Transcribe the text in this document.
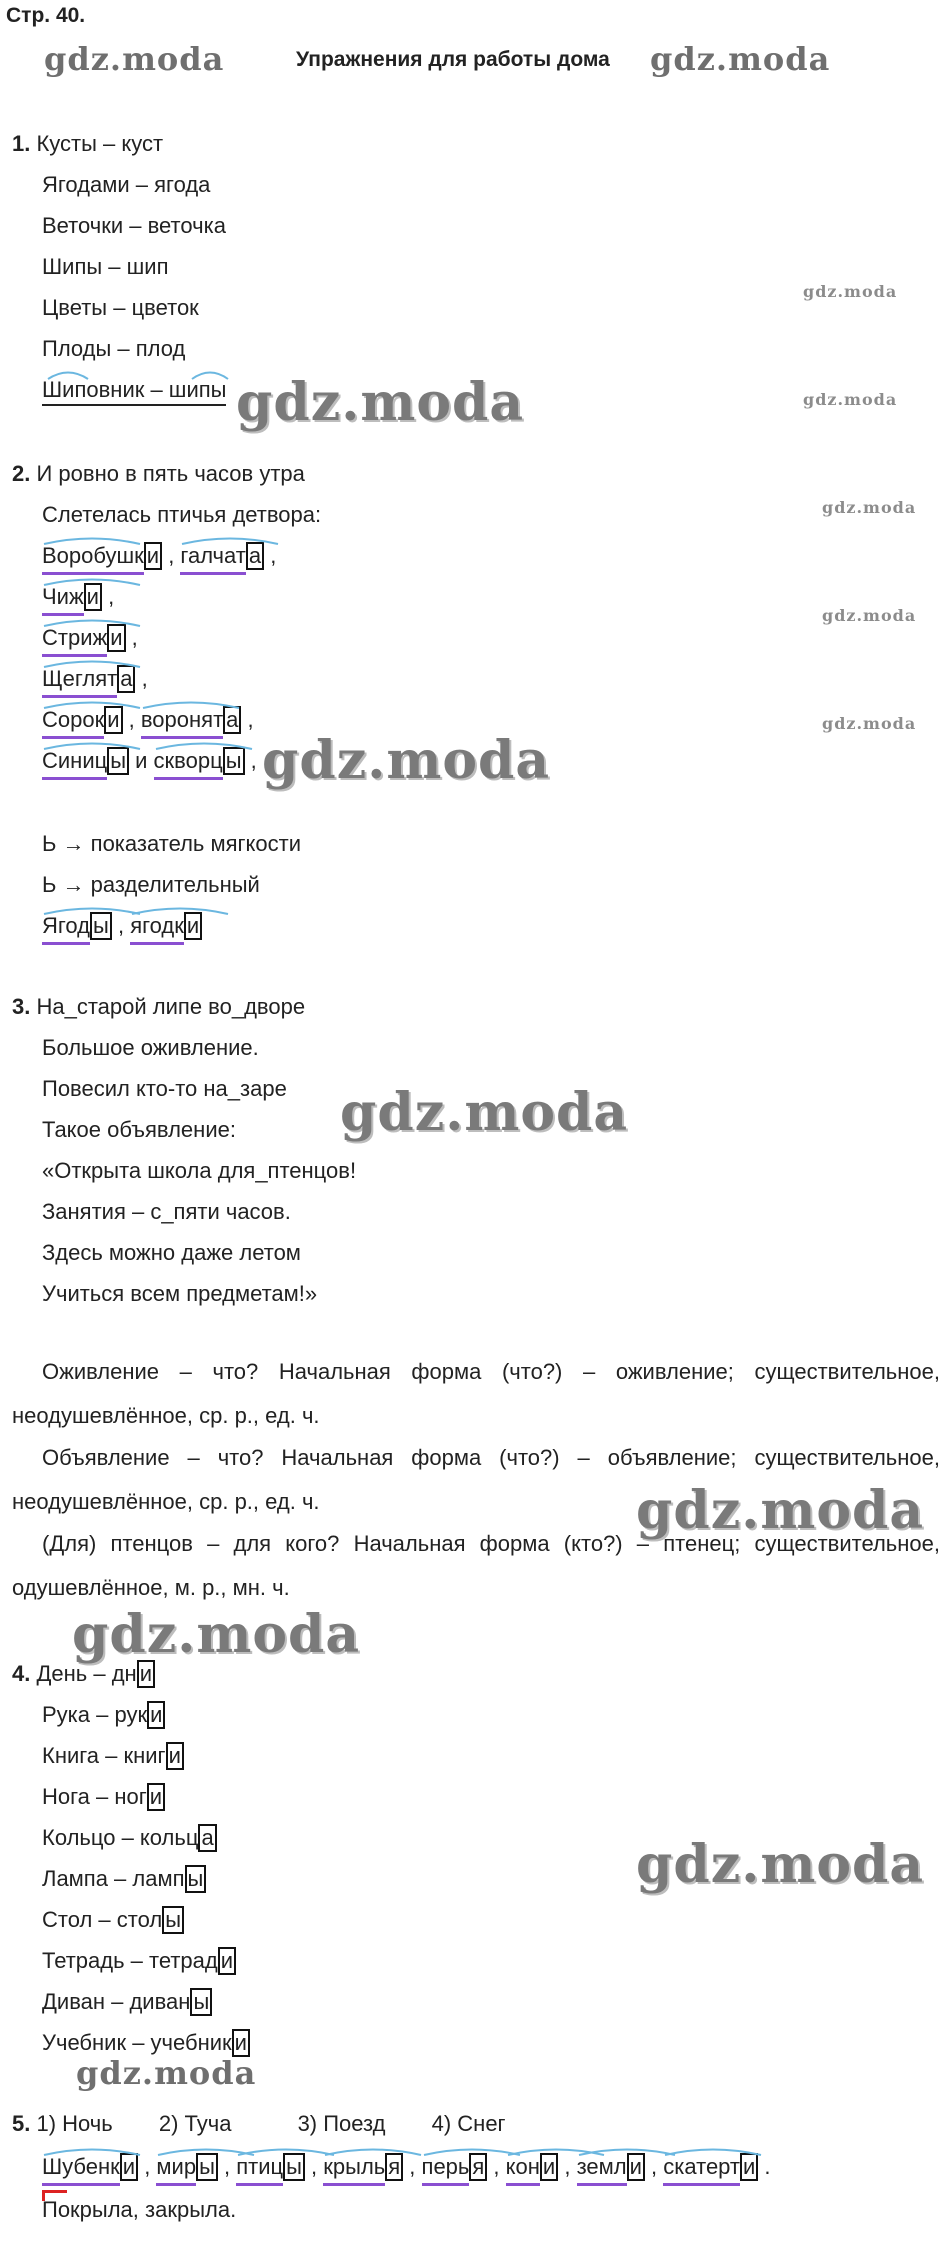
Стр. 40.
Упражнения для работы дома
gdz.moda	gdz.moda
gdz.moda
gdz.moda
gdz.moda
gdz.moda
gdz.moda
gdz.moda
gdz.moda
gdz.moda
gdz.moda
gdz.moda
gdz.moda
gdz.moda
1. Кусты – куст
Ягодами – ягода
Веточки – веточка
Шипы – шип
Цветы – цветок
Плоды – плод
Шиповник – шипы
2. И ровно в пять часов утра
Слетелась птичья детвора:
Воробушк и ,
галчат а ,
Чиж и ,
Стриж и ,
Щеглят а ,
Сорок и ,
воронят а ,
Синиц ы и
скворц ы ,
Ь → показатель мягкости
Ь → разделительный
Ягод ы ,
ягодк и
3. На_старой липе во_дворе
Большое оживление.
Повесил кто-то на_заре
Такое объявление:
«Открыта школа для_птенцов!
Занятия – с_пяти часов.
Здесь можно даже летом
Учиться всем предметам!»
Оживление – что? Начальная форма (что?) – оживление; существительное, неодушевлённое, ср. р., ед. ч.
Объявление – что? Начальная форма (что?) – объявление; существительное, неодушевлённое, ср. р., ед. ч.
(Для) птенцов – для кого? Начальная форма (кто?) – птенец; существительное, одушевлённое, м. р., мн. ч.
4. День – дн и
Рука – рук и
Книга – книг и
Нога – ног и
Кольцо – кольц а
Лампа – ламп ы
Стол – стол ы
Тетрадь – тетрад и
Диван – диван ы
Учебник – учебник и
5. 1) Ночь 2) Туча	3) Поезд 4) Снег
Шубенк и ,
мир ы ,
птиц ы ,
крыль я ,
перь я ,
кон и ,
земл и ,
скатерт и .
Покрыла, закрыла.
